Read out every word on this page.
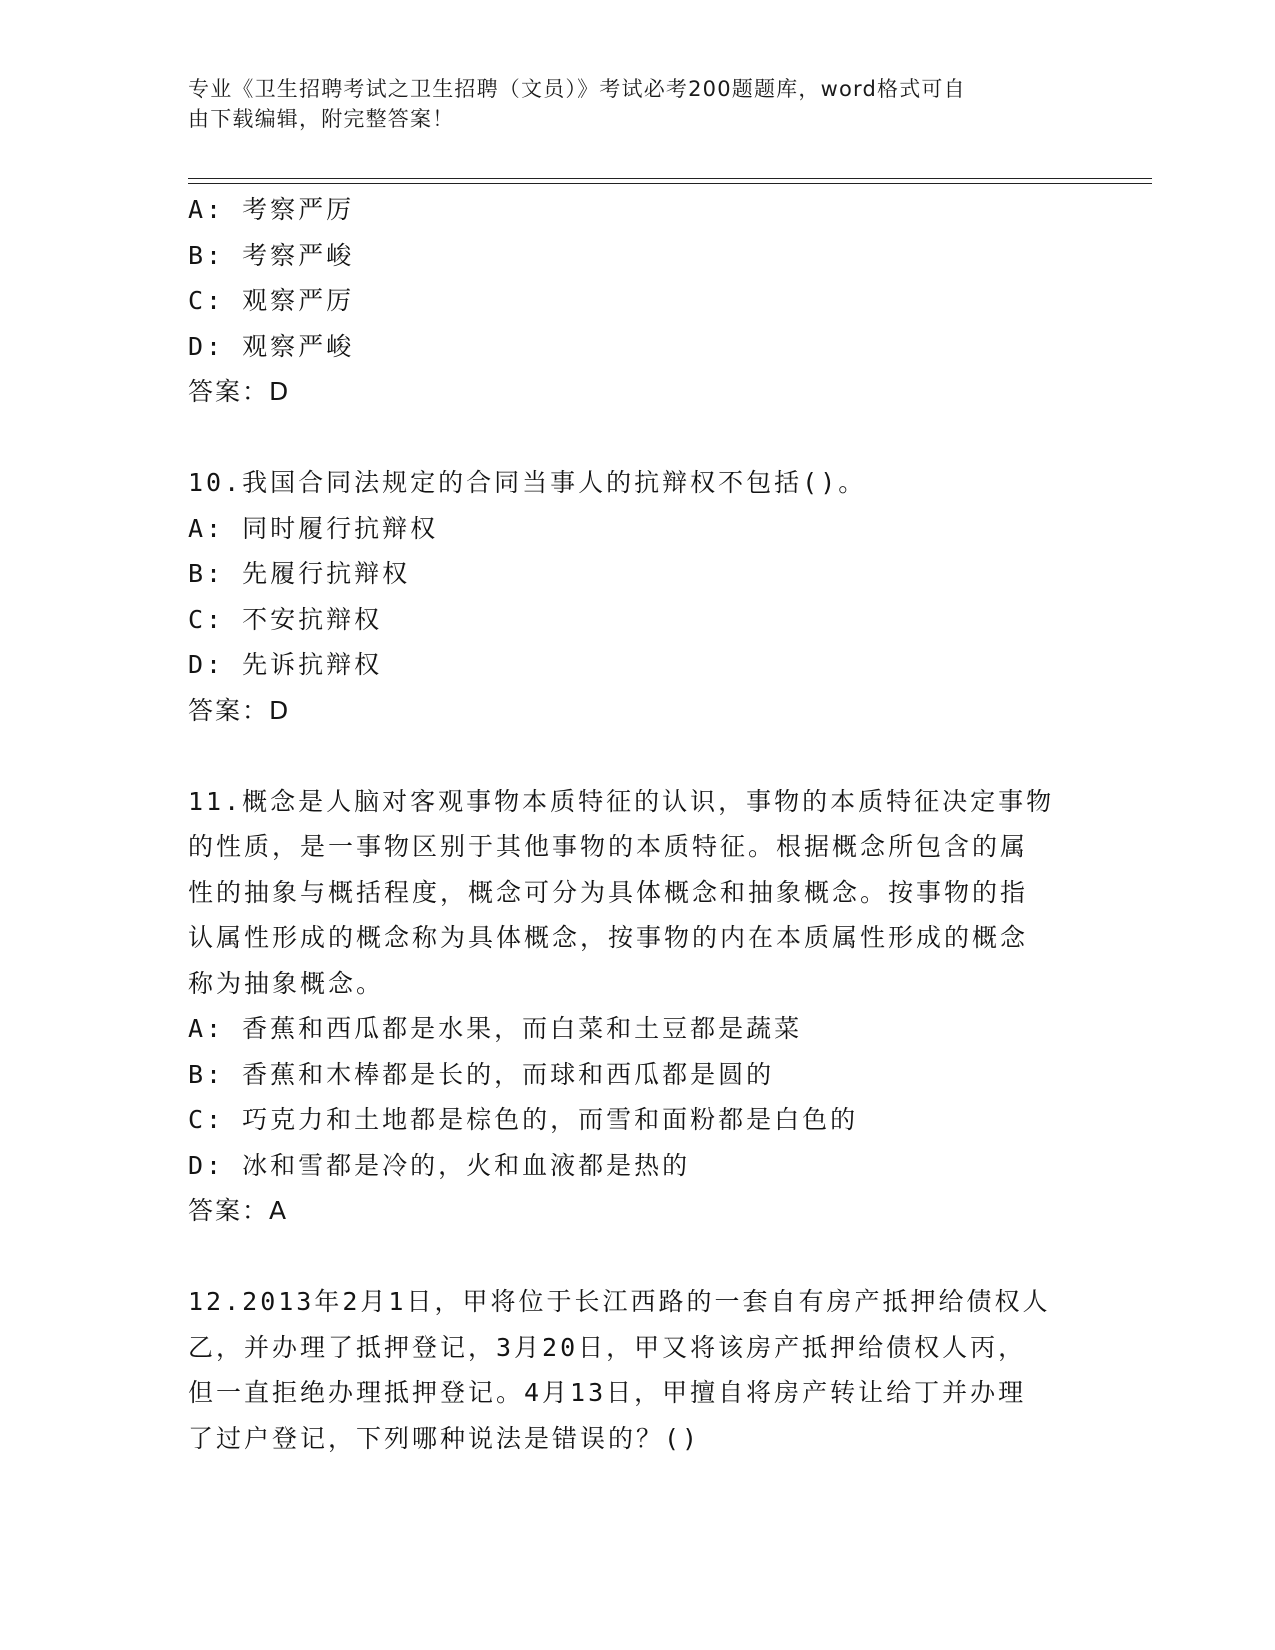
专业《卫生招聘考试之卫生招聘（文员）》考试必考200题题库，word格式可自
由下载编辑，附完整答案！
A: 考察严厉
B: 考察严峻
C: 观察严厉
D: 观察严峻
答案：D
10.我国合同法规定的合同当事人的抗辩权不包括()。
A: 同时履行抗辩权
B: 先履行抗辩权
C: 不安抗辩权
D: 先诉抗辩权
答案：D
11.概念是人脑对客观事物本质特征的认识，事物的本质特征决定事物
的性质，是一事物区别于其他事物的本质特征。根据概念所包含的属
性的抽象与概括程度，概念可分为具体概念和抽象概念。按事物的指
认属性形成的概念称为具体概念，按事物的内在本质属性形成的概念
称为抽象概念。
A: 香蕉和西瓜都是水果，而白菜和土豆都是蔬菜
B: 香蕉和木棒都是长的，而球和西瓜都是圆的
C: 巧克力和土地都是棕色的，而雪和面粉都是白色的
D: 冰和雪都是冷的，火和血液都是热的
答案：A
12.2013年2月1日，甲将位于长江西路的一套自有房产抵押给债权人
乙，并办理了抵押登记，3月20日，甲又将该房产抵押给债权人丙，
但一直拒绝办理抵押登记。4月13日，甲擅自将房产转让给丁并办理
了过户登记，下列哪种说法是错误的？()
